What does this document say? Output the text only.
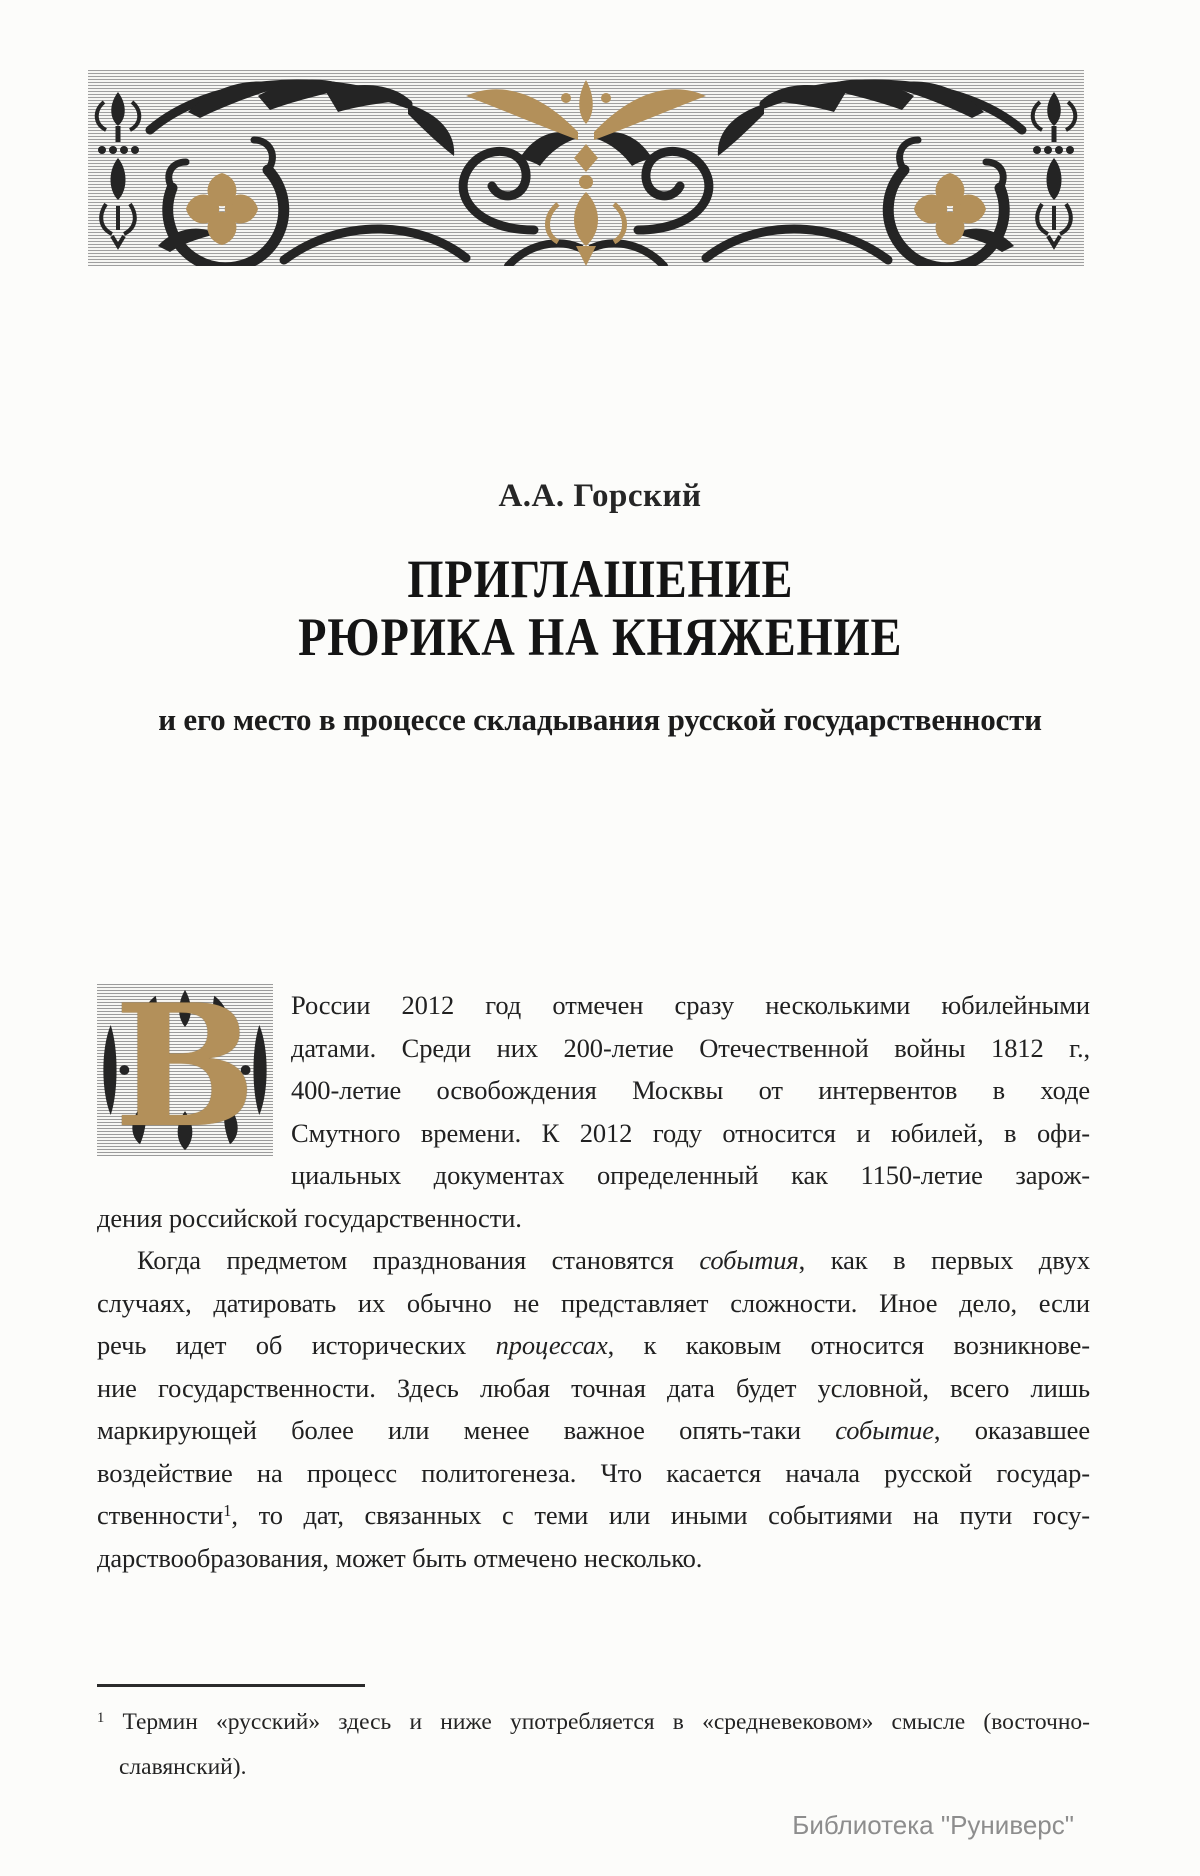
А.А. Горский
ПРИГЛАШЕНИЕ
РЮРИКА НА КНЯЖЕНИЕ
и его место в процессе складывания русской государственности
В	России 2012 год отмечен сразу несколькими юбилейными
датами. Среди них 200-летие Отечественной войны 1812 г.,
400-летие освобождения Москвы от интервентов в ходе
Смутного времени. К 2012 году относится и юбилей, в офи-
циальных документах определенный как 1150-летие зарож-
дения российской государственности.
Когда предметом празднования становятся события, как в первых двух
случаях, датировать их обычно не представляет сложности. Иное дело, если
речь идет об исторических процессах, к каковым относится возникнове-
ние государственности. Здесь любая точная дата будет условной, всего лишь
маркирующей более или менее важное опять-таки событие, оказавшее
воздействие на процесс политогенеза. Что касается начала русской государ-
ственности$^1$, то дат, связанных с теми или иными событиями на пути госу-
дарствообразования, может быть отмечено несколько.
$^1$ Термин «русский» здесь и ниже употребляется в «средневековом» смысле (восточно-
славянский).
Библиотека "Руниверс"
